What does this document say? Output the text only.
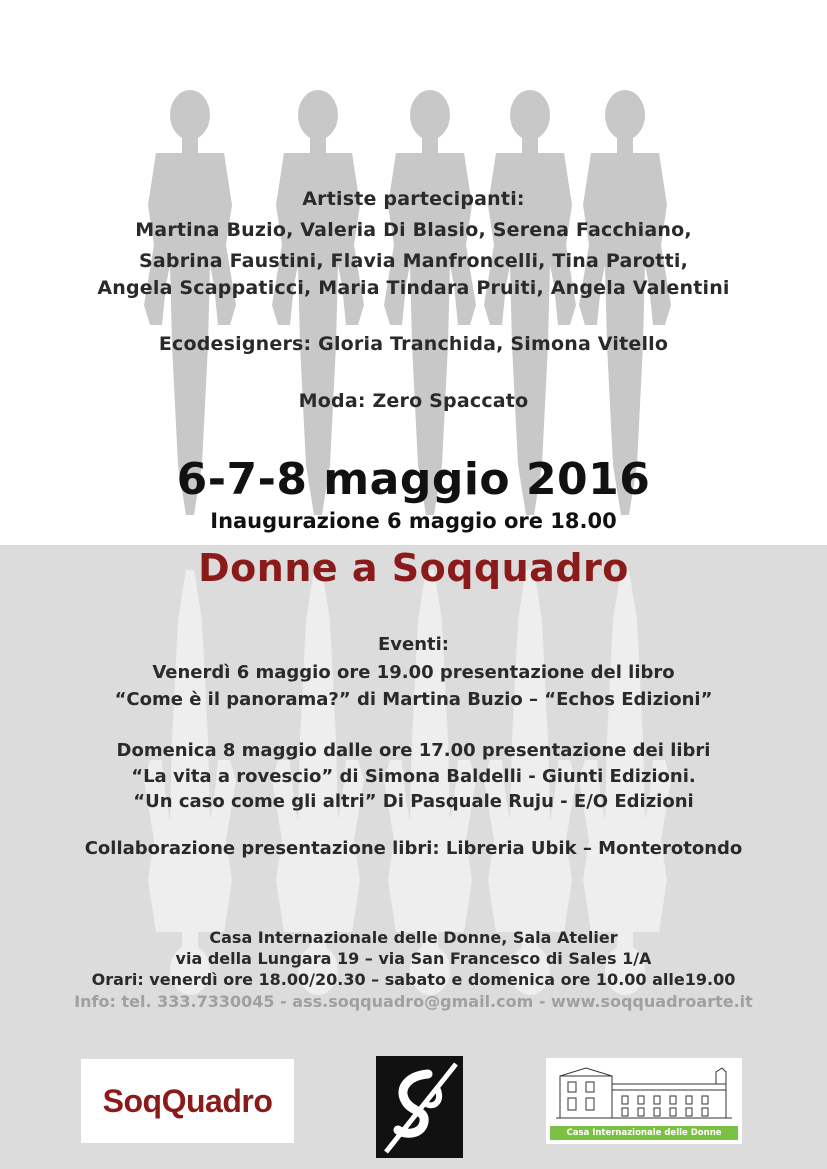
Artiste partecipanti:
Martina Buzio, Valeria Di Blasio, Serena Facchiano,
Sabrina Faustini, Flavia Manfroncelli, Tina Parotti,
Angela Scappaticci, Maria Tindara Pruiti, Angela Valentini
Ecodesigners: Gloria Tranchida, Simona Vitello
Moda: Zero Spaccato
6-7-8 maggio 2016
Inaugurazione 6 maggio ore 18.00
Donne a Soqquadro
Eventi:
Venerdì 6 maggio ore 19.00 presentazione del libro
“Come è il panorama?” di Martina Buzio – “Echos Edizioni”
Domenica 8 maggio dalle ore 17.00 presentazione dei libri
“La vita a rovescio” di Simona Baldelli - Giunti Edizioni.
“Un caso come gli altri” Di Pasquale Ruju - E/O Edizioni
Collaborazione presentazione libri: Libreria Ubik – Monterotondo
Casa Internazionale delle Donne, Sala Atelier
via della Lungara 19 – via San Francesco di Sales 1/A
Orari: venerdì ore 18.00/20.30 – sabato e domenica ore 10.00 alle19.00
Info: tel. 333.7330045 - ass.soqquadro@gmail.com - www.soqquadroarte.it
SoqQuadro
Casa Internazionale delle Donne
